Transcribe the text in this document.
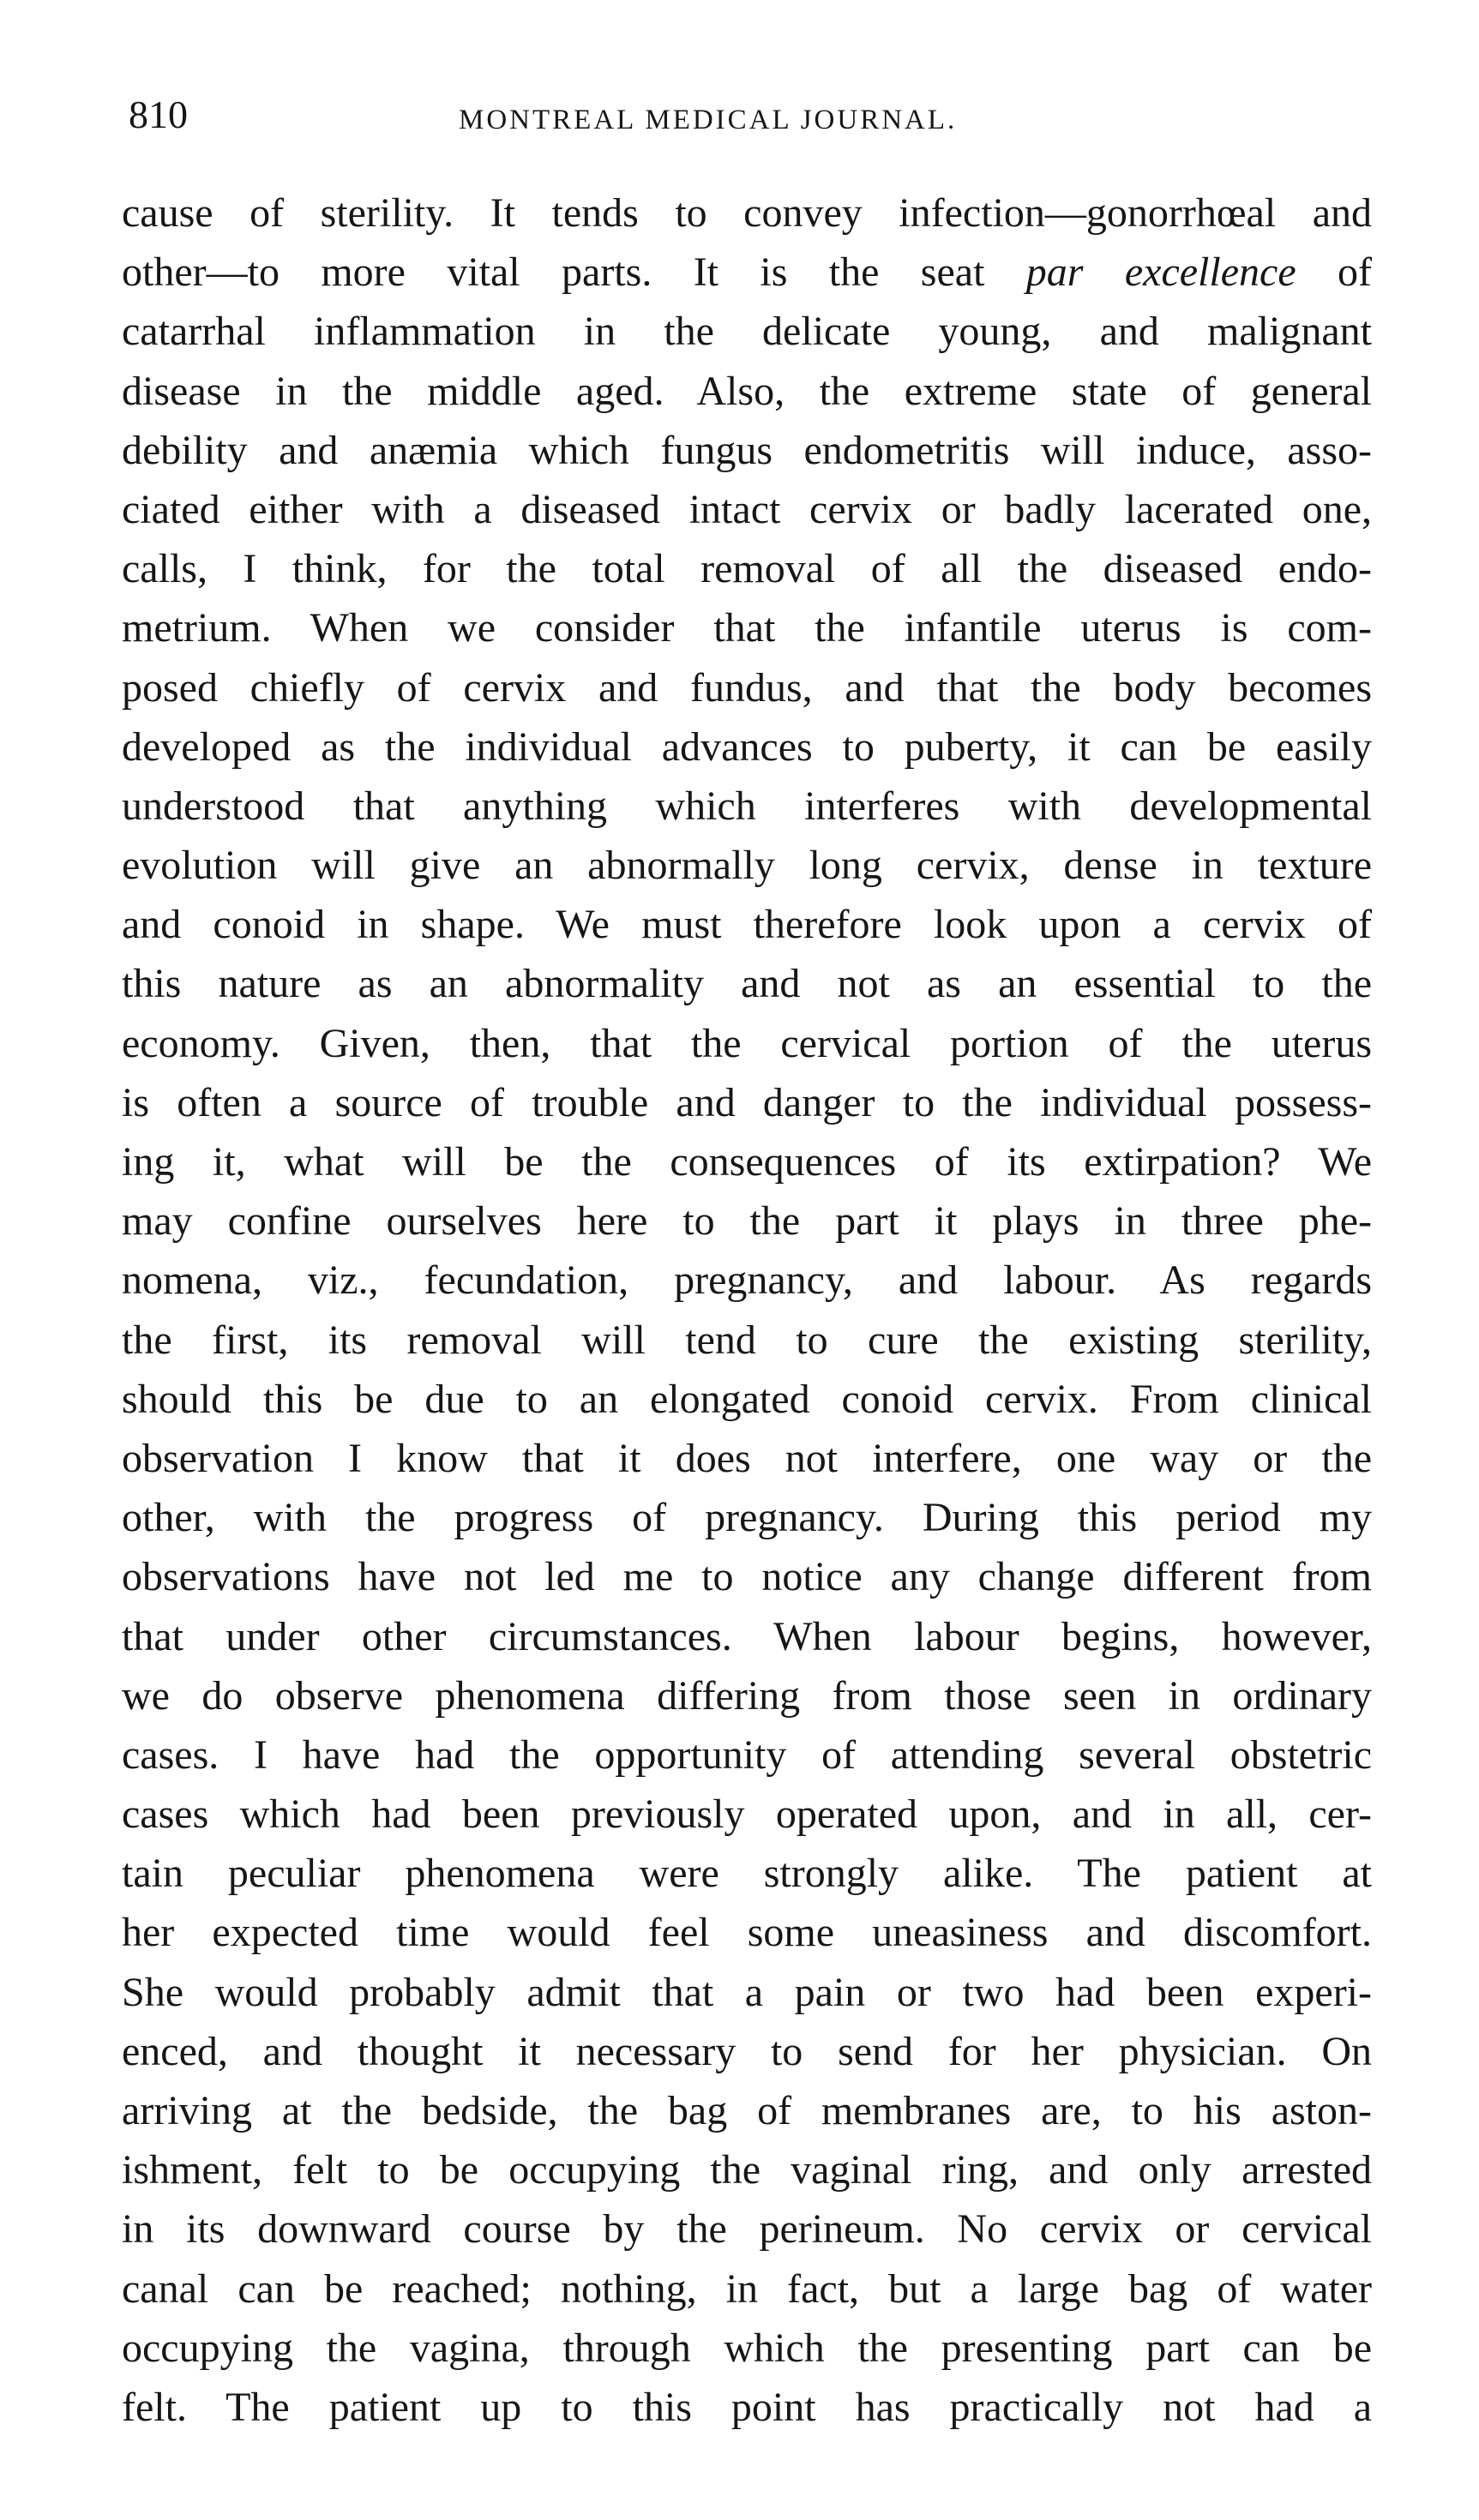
810	MONTREAL MEDICAL JOURNAL.
cause of sterility. It tends to convey infection—gonorrhœal and
other—to more vital parts. It is the seat par excellence of
catarrhal inflammation in the delicate young, and malignant
disease in the middle aged. Also, the extreme state of general
debility and anæmia which fungus endometritis will induce, asso-
ciated either with a diseased intact cervix or badly lacerated one,
calls, I think, for the total removal of all the diseased endo-
metrium. When we consider that the infantile uterus is com-
posed chiefly of cervix and fundus, and that the body becomes
developed as the individual advances to puberty, it can be easily
understood that anything which interferes with developmental
evolution will give an abnormally long cervix, dense in texture
and conoid in shape. We must therefore look upon a cervix of
this nature as an abnormality and not as an essential to the
economy. Given, then, that the cervical portion of the uterus
is often a source of trouble and danger to the individual possess-
ing it, what will be the consequences of its extirpation? We
may confine ourselves here to the part it plays in three phe-
nomena, viz., fecundation, pregnancy, and labour. As regards
the first, its removal will tend to cure the existing sterility,
should this be due to an elongated conoid cervix. From clinical
observation I know that it does not interfere, one way or the
other, with the progress of pregnancy. During this period my
observations have not led me to notice any change different from
that under other circumstances. When labour begins, however,
we do observe phenomena differing from those seen in ordinary
cases. I have had the opportunity of attending several obstetric
cases which had been previously operated upon, and in all, cer-
tain peculiar phenomena were strongly alike. The patient at
her expected time would feel some uneasiness and discomfort.
She would probably admit that a pain or two had been experi-
enced, and thought it necessary to send for her physician. On
arriving at the bedside, the bag of membranes are, to his aston-
ishment, felt to be occupying the vaginal ring, and only arrested
in its downward course by the perineum. No cervix or cervical
canal can be reached; nothing, in fact, but a large bag of water
occupying the vagina, through which the presenting part can be
felt. The patient up to this point has practically not had a
